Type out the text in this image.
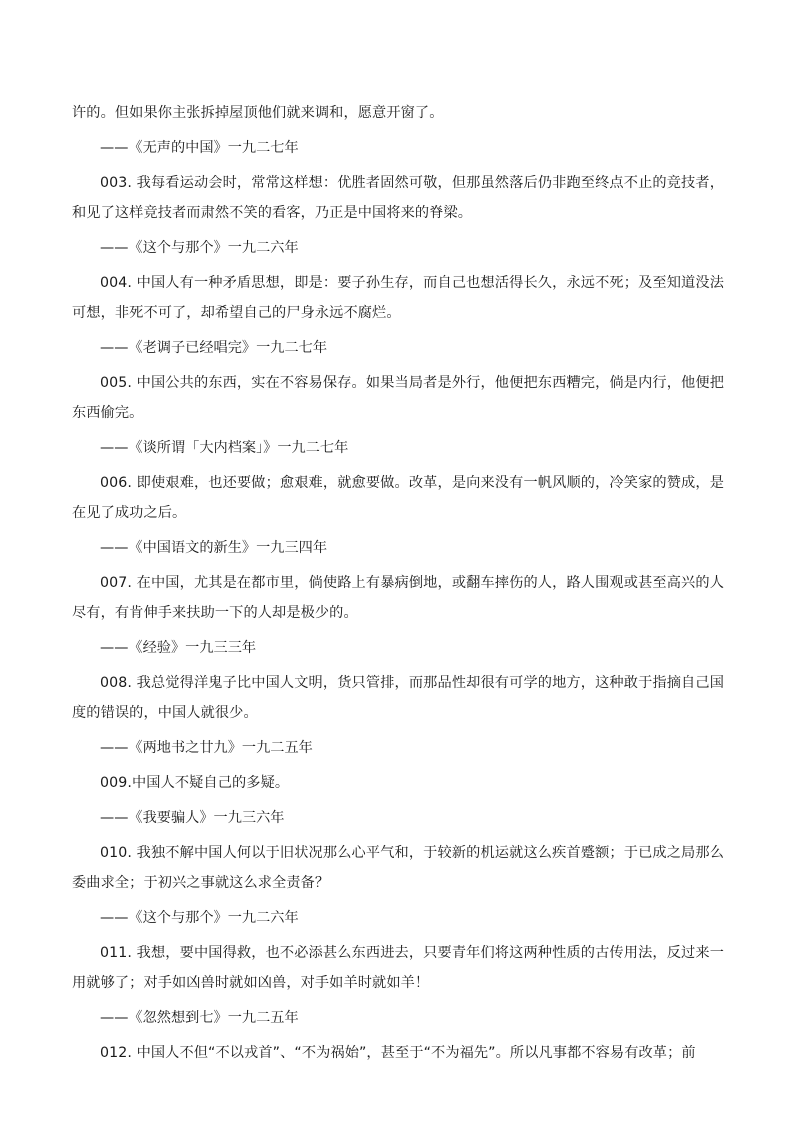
许的。但如果你主张拆掉屋顶他们就来调和，愿意开窗了。

——《无声的中国》一九二七年

003. 我每看运动会时，常常这样想：优胜者固然可敬，但那虽然落后仍非跑至终点不止的竞技者，和见了这样竞技者而肃然不笑的看客，乃正是中国将来的脊梁。

——《这个与那个》一九二六年

004. 中国人有一种矛盾思想，即是：要子孙生存，而自己也想活得长久，永远不死；及至知道没法可想，非死不可了，却希望自己的尸身永远不腐烂。

——《老调子已经唱完》一九二七年

005. 中国公共的东西，实在不容易保存。如果当局者是外行，他便把东西糟完，倘是内行，他便把东西偷完。

——《谈所谓「大内档案」》一九二七年

006. 即使艰难，也还要做；愈艰难，就愈要做。改革，是向来没有一帆风顺的，冷笑家的赞成，是在见了成功之后。

——《中国语文的新生》一九三四年

007. 在中国，尤其是在都市里，倘使路上有暴病倒地，或翻车摔伤的人，路人围观或甚至高兴的人尽有，有肯伸手来扶助一下的人却是极少的。

——《经验》一九三三年

008. 我总觉得洋鬼子比中国人文明，货只管排，而那品性却很有可学的地方，这种敢于指摘自己国度的错误的，中国人就很少。

——《两地书之廿九》一九二五年

009.中国人不疑自己的多疑。

——《我要骗人》一九三六年

010. 我独不解中国人何以于旧状况那么心平气和，于较新的机运就这么疾首蹙额；于已成之局那么委曲求全；于初兴之事就这么求全责备？

——《这个与那个》一九二六年

011. 我想，要中国得救，也不必添甚么东西进去，只要青年们将这两种性质的古传用法，反过来一用就够了；对手如凶兽时就如凶兽，对手如羊时就如羊！

——《忽然想到七》一九二五年

012. 中国人不但“不以戎首”、“不为祸始”，甚至于“不为福先”。所以凡事都不容易有改革；前
